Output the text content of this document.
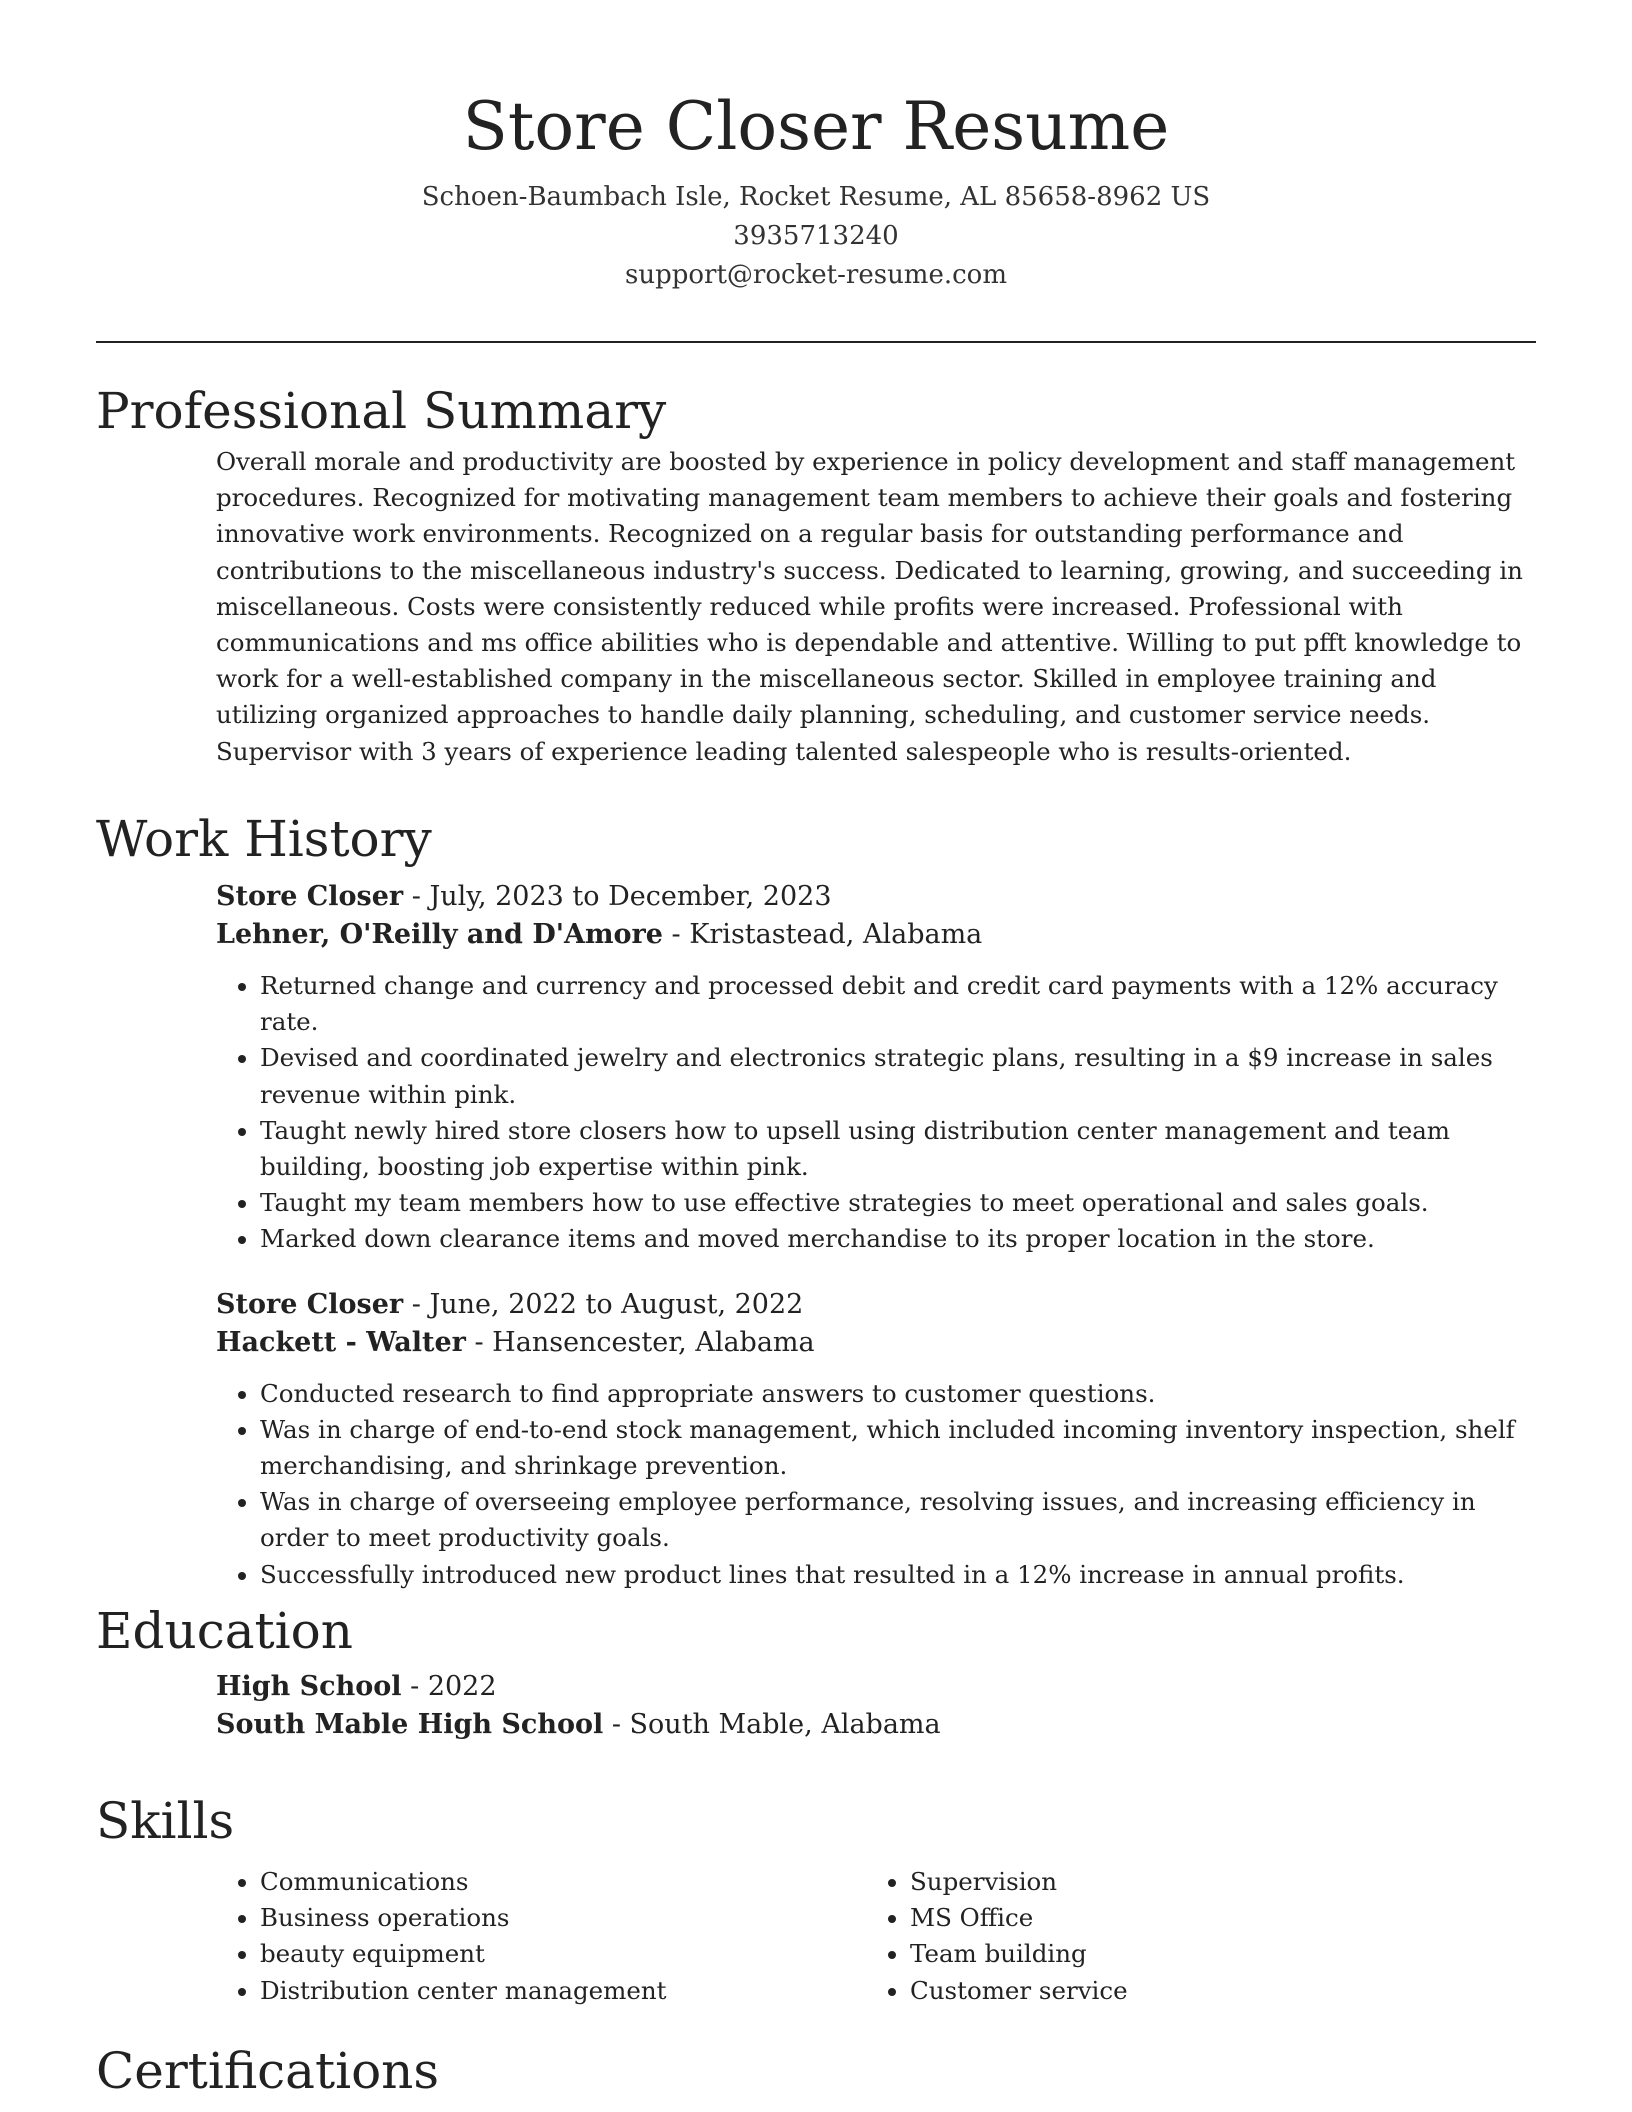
Store Closer Resume
Schoen-Baumbach Isle, Rocket Resume, AL 85658-8962 US
3935713240
support@rocket-resume.com
Professional Summary

Overall morale and productivity are boosted by experience in policy development and staff management procedures. Recognized for motivating management team members to achieve their goals and fostering innovative work environments. Recognized on a regular basis for outstanding performance and contributions to the miscellaneous industry's success. Dedicated to learning, growing, and succeeding in miscellaneous. Costs were consistently reduced while profits were increased. Professional with communications and ms office abilities who is dependable and attentive. Willing to put pfft knowledge to work for a well-established company in the miscellaneous sector. Skilled in employee training and utilizing organized approaches to handle daily planning, scheduling, and customer service needs. Supervisor with 3 years of experience leading talented salespeople who is results-oriented.

Work History
Store Closer - July, 2023 to December, 2023
Lehner, O'Reilly and D'Amore - Kristastead, Alabama
• Returned change and currency and processed debit and credit card payments with a 12% accuracy rate.
• Devised and coordinated jewelry and electronics strategic plans, resulting in a $9 increase in sales revenue within pink.
• Taught newly hired store closers how to upsell using distribution center management and team building, boosting job expertise within pink.
• Taught my team members how to use effective strategies to meet operational and sales goals.
• Marked down clearance items and moved merchandise to its proper location in the store.
Store Closer - June, 2022 to August, 2022
Hackett - Walter - Hansencester, Alabama
• Conducted research to find appropriate answers to customer questions.
• Was in charge of end-to-end stock management, which included incoming inventory inspection, shelf merchandising, and shrinkage prevention.
• Was in charge of overseeing employee performance, resolving issues, and increasing efficiency in order to meet productivity goals.
• Successfully introduced new product lines that resulted in a 12% increase in annual profits.
Education
High School - 2022
South Mable High School - South Mable, Alabama
Skills
• Communications
• Business operations
• beauty equipment
• Distribution center management
• Supervision
• MS Office
• Team building
• Customer service
Certifications
